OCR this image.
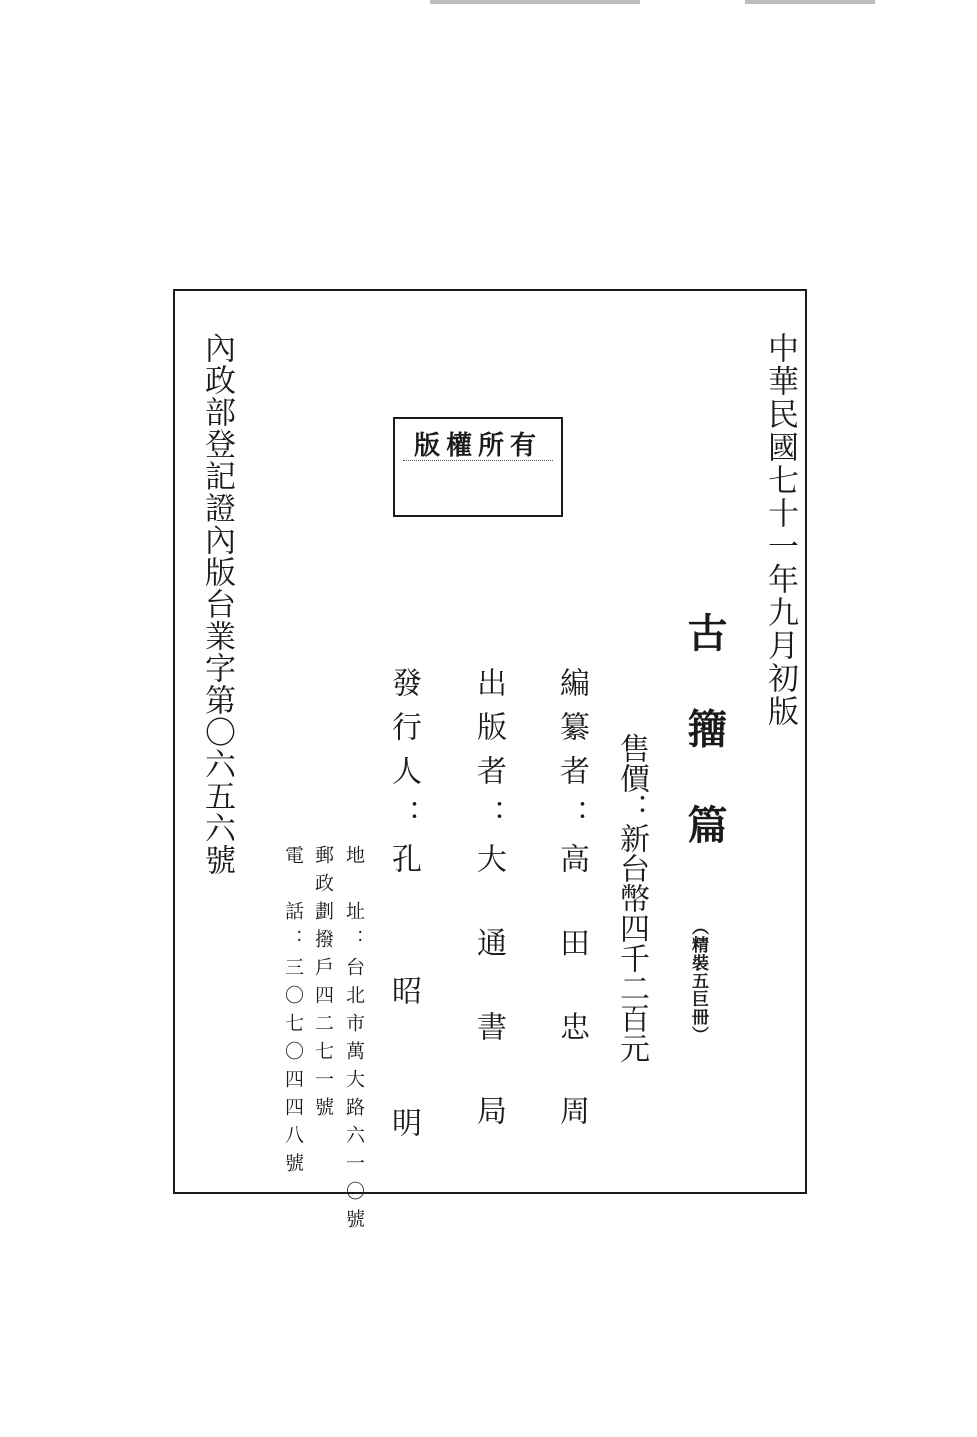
中華民國七十一年九月初版
有所權版
古籒篇
（精裝五巨冊）
售價：新台幣四千二百元
編纂者：高田忠周
出版者：大通書局
發行人：孔昭明
地　址：台北市萬大路六一〇號
郵政劃撥戶四二七一號
電　話：三〇七〇四四八號
內政部登記證內版台業字第〇六五六號
